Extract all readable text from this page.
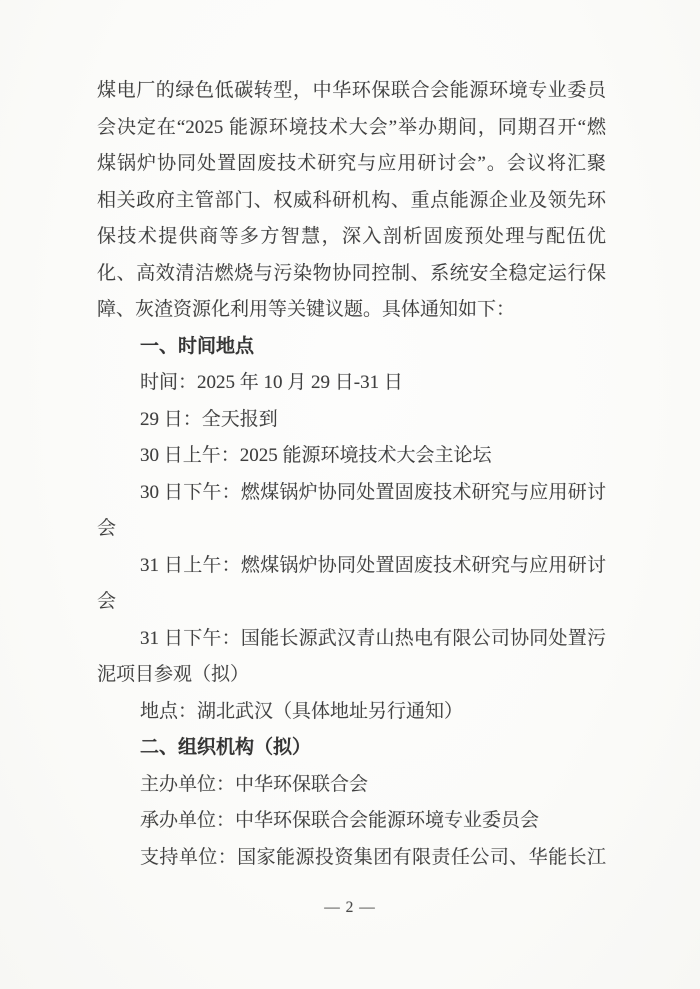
煤电厂的绿色低碳转型，中华环保联合会能源环境专业委员
会决定在“2025 能源环境技术大会”举办期间，同期召开“燃
煤锅炉协同处置固废技术研究与应用研讨会”。会议将汇聚
相关政府主管部门、权威科研机构、重点能源企业及领先环
保技术提供商等多方智慧，深入剖析固废预处理与配伍优
化、高效清洁燃烧与污染物协同控制、系统安全稳定运行保
障、灰渣资源化利用等关键议题。具体通知如下：
一、时间地点
时间：2025 年 10 月 29 日-31 日
29 日：全天报到
30 日上午：2025 能源环境技术大会主论坛
30 日下午：燃煤锅炉协同处置固废技术研究与应用研讨
会
31 日上午：燃煤锅炉协同处置固废技术研究与应用研讨
会
31 日下午：国能长源武汉青山热电有限公司协同处置污
泥项目参观（拟）
地点：湖北武汉（具体地址另行通知）
二、组织机构（拟）
主办单位：中华环保联合会
承办单位：中华环保联合会能源环境专业委员会
支持单位：国家能源投资集团有限责任公司、华能长江
— 2 —
